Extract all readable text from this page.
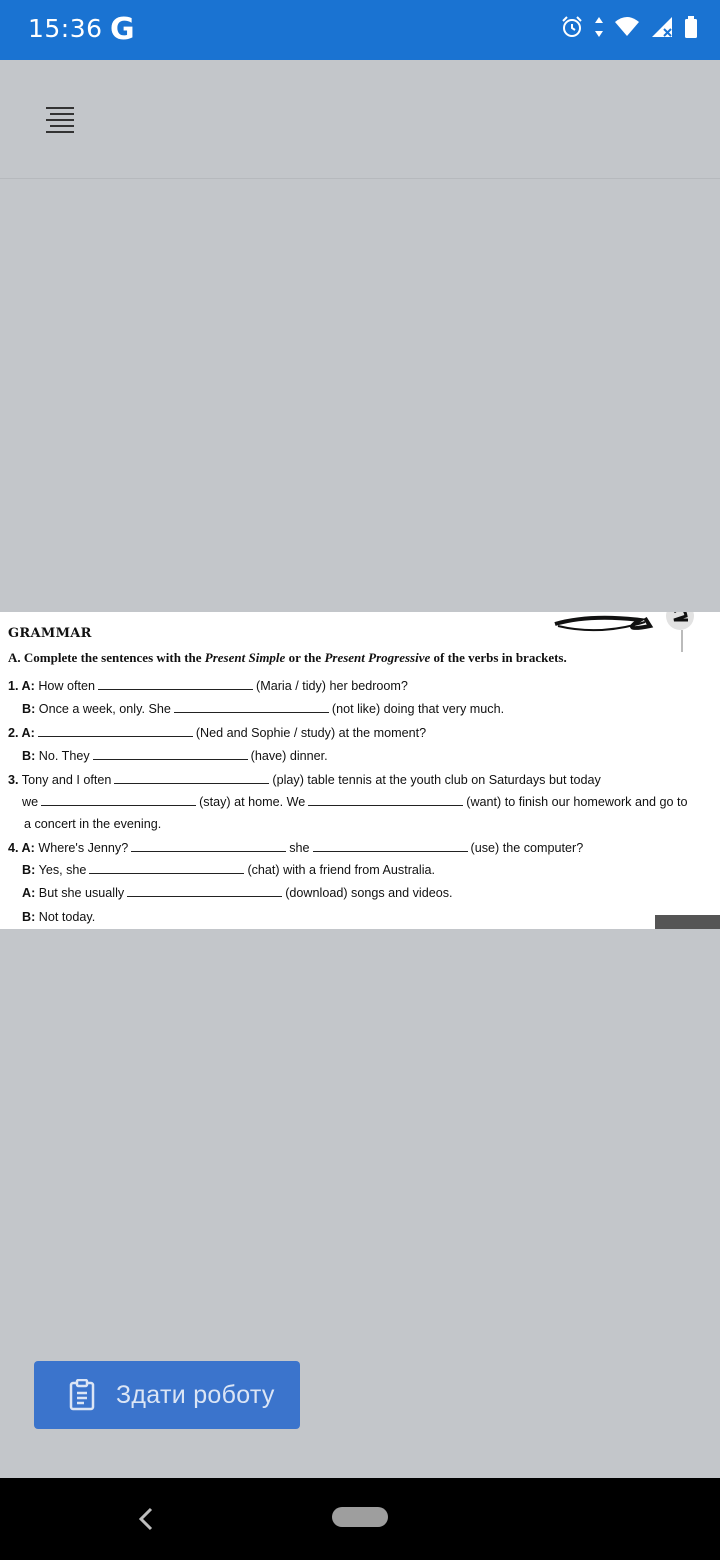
15:36 G	4
GRAMMAR
A. Complete the sentences with the Present Simple or the Present Progressive of the verbs in brackets.
1. A: How often	(Maria / tidy) her bedroom?
B: Once a week, only. She	(not like) doing that very much.
2. A:	(Ned and Sophie / study) at the moment?
B: No. They	(have) dinner.
3. Tony and I often	(play) table tennis at the youth club on Saturdays but today
we	(stay) at home. We	(want) to finish our homework and go to
a concert in the evening.
4. A: Where's Jenny?	she	(use) the computer?
B: Yes, she	(chat) with a friend from Australia.
A: But she usually	(download) songs and videos.
B: Not today.
Здати роботу
